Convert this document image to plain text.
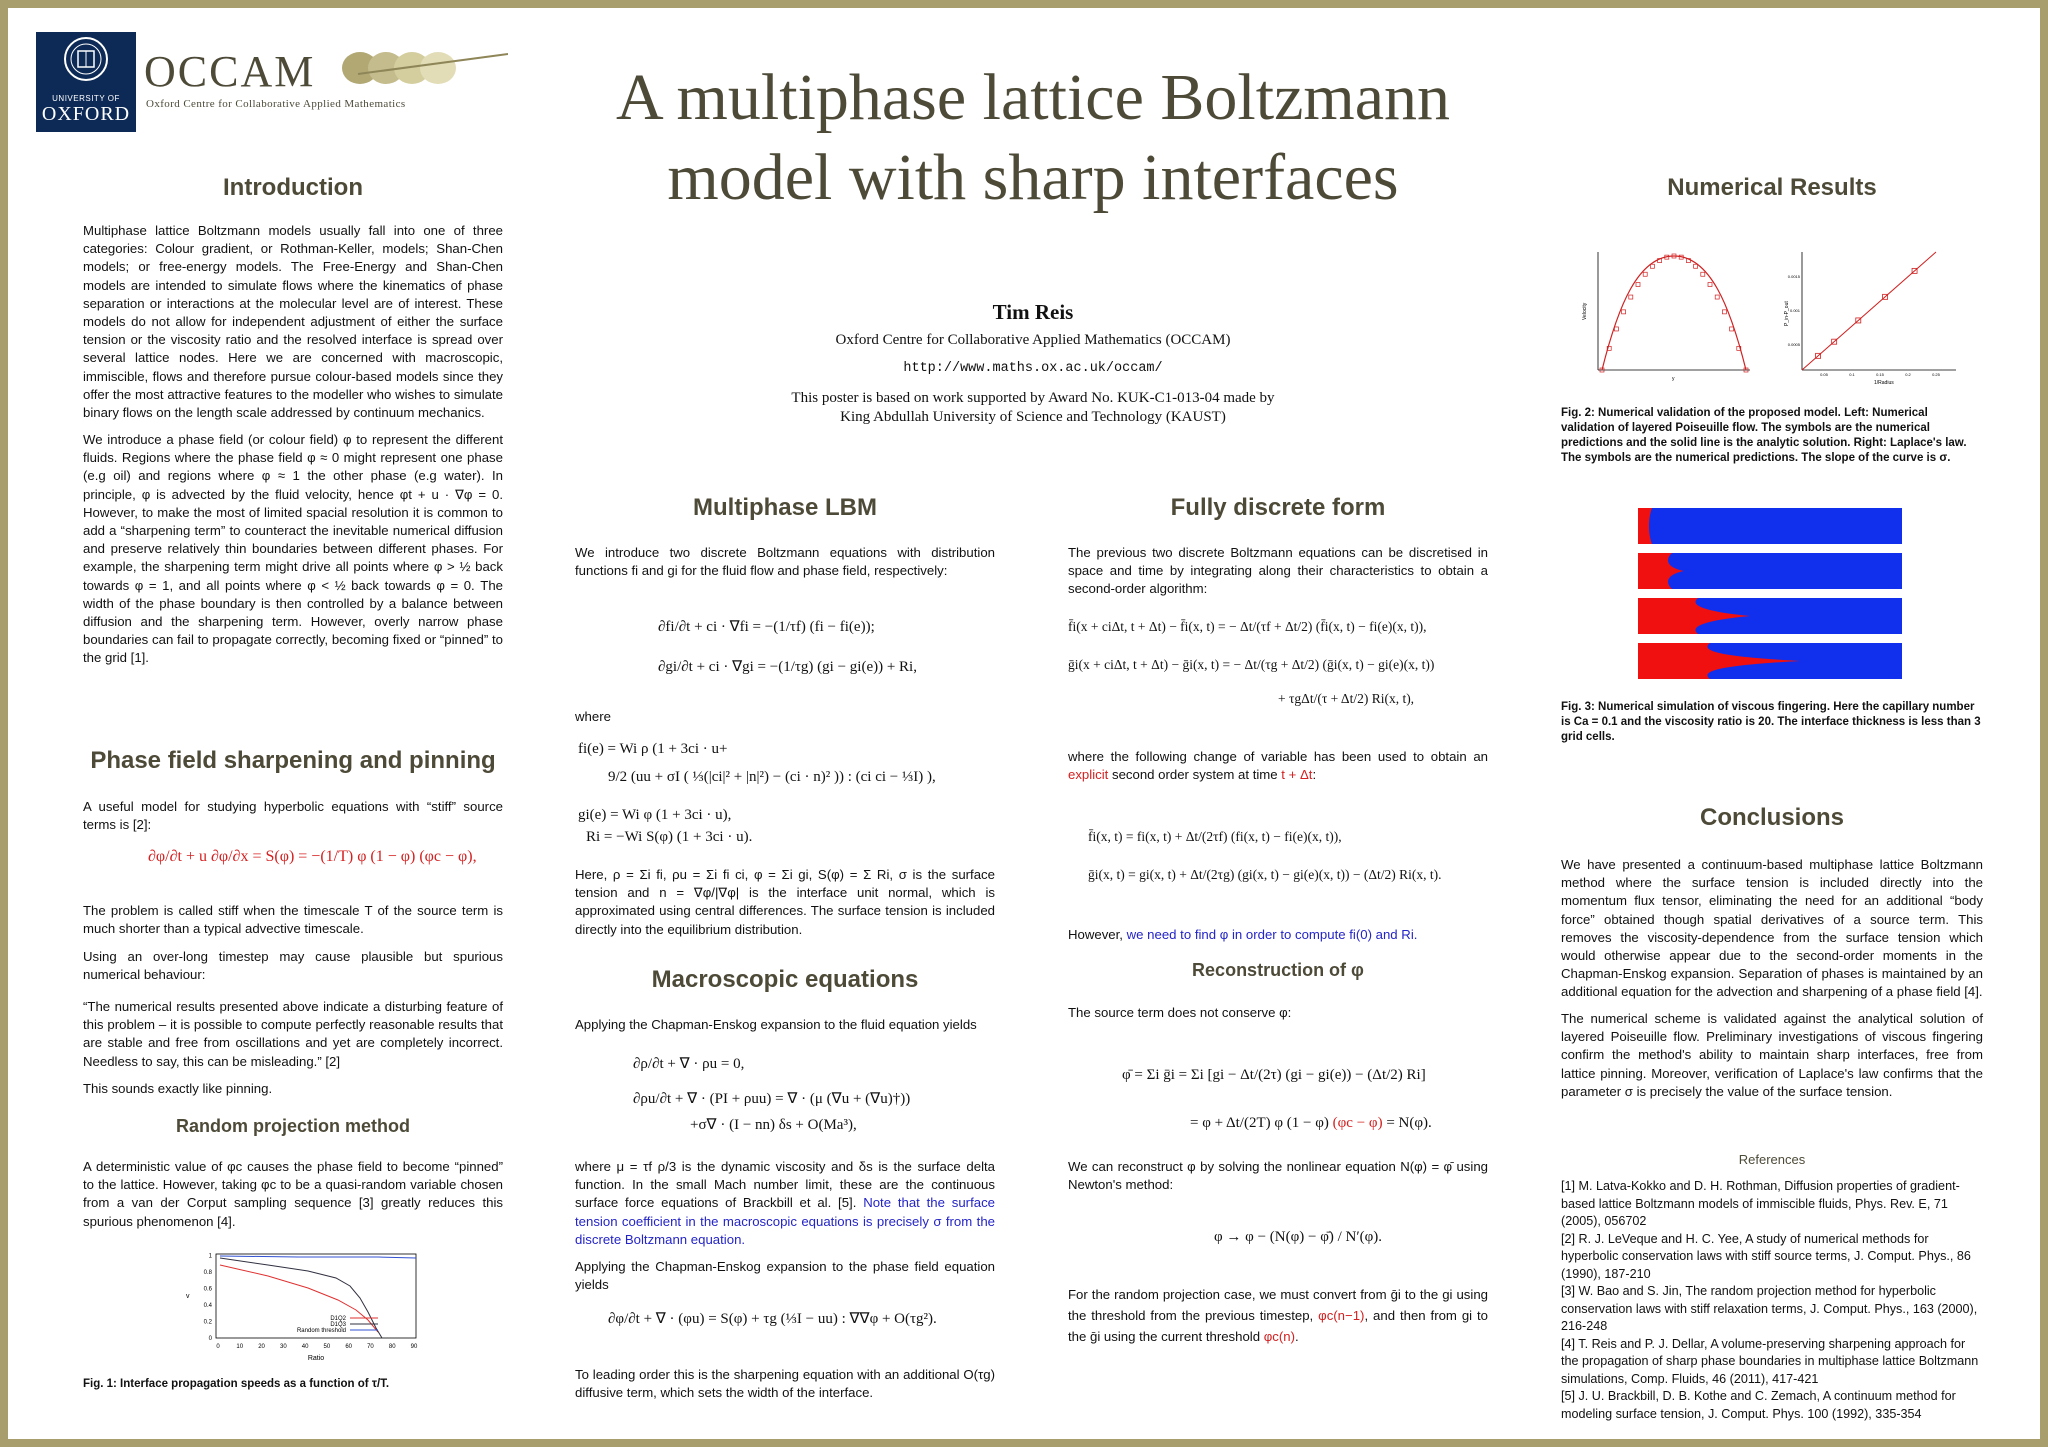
UNIVERSITY OF
OXFORD
OCCAM
Oxford Centre for Collaborative Applied Mathematics	A multiphase lattice Boltzmann model with sharp interfaces
Tim Reis
Oxford Centre for Collaborative Applied Mathematics (OCCAM)
http://www.maths.ox.ac.uk/occam/
This poster is based on work supported by Award No. KUK-C1-013-04 made by
King Abdullah University of Science and Technology (KAUST)
Introduction

Multiphase lattice Boltzmann models usually fall into one of three categories: Colour gradient, or Rothman-Keller, models; Shan-Chen models; or free-energy models. The Free-Energy and Shan-Chen models are intended to simulate flows where the kinematics of phase separation or interactions at the molecular level are of interest. These models do not allow for independent adjustment of either the surface tension or the viscosity ratio and the resolved interface is spread over several lattice nodes. Here we are concerned with macroscopic, immiscible, flows and therefore pursue colour-based models since they offer the most attractive features to the modeller who wishes to simulate binary flows on the length scale addressed by continuum mechanics.

We introduce a phase field (or colour field) φ to represent the different fluids. Regions where the phase field φ ≈ 0 might represent one phase (e.g oil) and regions where φ ≈ 1 the other phase (e.g water). In principle, φ is advected by the fluid velocity, hence φt + u · ∇φ = 0. However, to make the most of limited spacial resolution it is common to add a “sharpening term” to counteract the inevitable numerical diffusion and preserve relatively thin boundaries between different phases. For example, the sharpening term might drive all points where φ > ½ back towards φ = 1, and all points where φ < ½ back towards φ = 0. The width of the phase boundary is then controlled by a balance between diffusion and the sharpening term. However, overly narrow phase boundaries can fail to propagate correctly, becoming fixed or “pinned” to the grid [1].

Phase field sharpening and pinning

A useful model for studying hyperbolic equations with “stiff” source terms is [2]:

∂φ/∂t + u ∂φ/∂x = S(φ) = −(1/T) φ (1 − φ) (φc − φ),

The problem is called stiff when the timescale T of the source term is much shorter than a typical advective timescale.

Using an over-long timestep may cause plausible but spurious numerical behaviour:

“The numerical results presented above indicate a disturbing feature of this problem – it is possible to compute perfectly reasonable results that are stable and free from oscillations and yet are completely incorrect. Needless to say, this can be misleading.” [2]

This sounds exactly like pinning.

Random projection method

A deterministic value of φc causes the phase field to become “pinned” to the lattice. However, taking φc to be a quasi-random variable chosen from a van der Corput sampling sequence [3] greatly reduces this spurious phenomenon [4].

0
0.2
0.4
0.6
0.8
1
0	10	20	30	40	50	60	70	80	90
D1Q2
D1Q3
Random threshold
Ratio
v

Fig. 1: Interface propagation speeds as a function of τ/T.

Multiphase LBM

We introduce two discrete Boltzmann equations with distribution functions fi and gi for the fluid flow and phase field, respectively:

∂fi/∂t + ci · ∇fi = −(1/τf) (fi − fi(e));

∂gi/∂t + ci · ∇gi = −(1/τg) (gi − gi(e)) + Ri,

where

fi(e) = Wi ρ (1 + 3ci · u+

9/2 (uu + σI ( ⅓(|ci|² + |n|²) − (ci · n)² )) : (ci ci − ⅓I) ),

gi(e) = Wi φ (1 + 3ci · u),

Ri = −Wi S(φ) (1 + 3ci · u).

Here, ρ = Σi fi, ρu = Σi fi ci, φ = Σi gi, S(φ) = Σ Ri, σ is the surface tension and n = ∇φ/|∇φ| is the interface unit normal, which is approximated using central differences. The surface tension is included directly into the equilibrium distribution.

Macroscopic equations

Applying the Chapman-Enskog expansion to the fluid equation yields

∂ρ/∂t + ∇ · ρu = 0,

∂ρu/∂t + ∇ · (PI + ρuu) = ∇ · (μ (∇u + (∇u)†))

+σ∇ · (I − nn) δs + O(Ma³),

where μ = τf ρ/3 is the dynamic viscosity and δs is the surface delta function. In the small Mach number limit, these are the continuous surface force equations of Brackbill et al. [5]. Note that the surface tension coefficient in the macroscopic equations is precisely σ from the discrete Boltzmann equation.

Applying the Chapman-Enskog expansion to the phase field equation yields

∂φ/∂t + ∇ · (φu) = S(φ) + τg (⅓I − uu) : ∇∇φ + O(τg²).

To leading order this is the sharpening equation with an additional O(τg) diffusive term, which sets the width of the interface.

Fully discrete form

The previous two discrete Boltzmann equations can be discretised in space and time by integrating along their characteristics to obtain a second-order algorithm:

f̄i(x + ciΔt, t + Δt) − f̄i(x, t) = − Δt/(τf + Δt/2) (f̄i(x, t) − fi(e)(x, t)),

ḡi(x + ciΔt, t + Δt) − ḡi(x, t) = − Δt/(τg + Δt/2) (ḡi(x, t) − gi(e)(x, t))

+ τgΔt/(τ + Δt/2) Ri(x, t),

where the following change of variable has been used to obtain an explicit second order system at time t + Δt:

f̄i(x, t) = fi(x, t) + Δt/(2τf) (fi(x, t) − fi(e)(x, t)),

ḡi(x, t) = gi(x, t) + Δt/(2τg) (gi(x, t) − gi(e)(x, t)) − (Δt/2) Ri(x, t).

However, we need to find φ in order to compute fi(0) and Ri.

Reconstruction of φ

The source term does not conserve φ:

φ̄ = Σi ḡi = Σi [gi − Δt/(2τ) (gi − gi(e)) − (Δt/2) Ri]

= φ + Δt/(2T) φ (1 − φ) (φc − φ) = N(φ).

We can reconstruct φ by solving the nonlinear equation N(φ) = φ̄ using Newton's method:

φ → φ − (N(φ) − φ̄) / N′(φ).

For the random projection case, we must convert from ḡi to the gi using the threshold from the previous timestep, φc(n−1), and then from gi to the ḡi using the current threshold φc(n).

Numerical Results
Velocity
y
0.05	0.1	0.15	0.2	0.25
0.0005
0.001
0.0015
P_in-P_out
1/Radius

Fig. 2: Numerical validation of the proposed model. Left: Numerical validation of layered Poiseuille flow. The symbols are the numerical predictions and the solid line is the analytic solution. Right: Laplace's law. The symbols are the numerical predictions. The slope of the curve is σ.

Fig. 3: Numerical simulation of viscous fingering. Here the capillary number is Ca = 0.1 and the viscosity ratio is 20. The interface thickness is less than 3 grid cells.

Conclusions

We have presented a continuum-based multiphase lattice Boltzmann method where the surface tension is included directly into the momentum flux tensor, eliminating the need for an additional “body force” obtained though spatial derivatives of a source term. This removes the viscosity-dependence from the surface tension which would otherwise appear due to the second-order moments in the Chapman-Enskog expansion. Separation of phases is maintained by an additional equation for the advection and sharpening of a phase field [4].

The numerical scheme is validated against the analytical solution of layered Poiseuille flow. Preliminary investigations of viscous fingering confirm the method's ability to maintain sharp interfaces, free from lattice pinning. Moreover, verification of Laplace's law confirms that the parameter σ is precisely the value of the surface tension.

References

[1] M. Latva-Kokko and D. H. Rothman, Diffusion properties of gradient-based lattice Boltzmann models of immiscible fluids, Phys. Rev. E, 71 (2005), 056702

[2] R. J. LeVeque and H. C. Yee, A study of numerical methods for hyperbolic conservation laws with stiff source terms, J. Comput. Phys., 86 (1990), 187-210

[3] W. Bao and S. Jin, The random projection method for hyperbolic conservation laws with stiff relaxation terms, J. Comput. Phys., 163 (2000), 216-248

[4] T. Reis and P. J. Dellar, A volume-preserving sharpening approach for the propagation of sharp phase boundaries in multiphase lattice Boltzmann simulations, Comp. Fluids, 46 (2011), 417-421

[5] J. U. Brackbill, D. B. Kothe and C. Zemach, A continuum method for modeling surface tension, J. Comput. Phys. 100 (1992), 335-354
